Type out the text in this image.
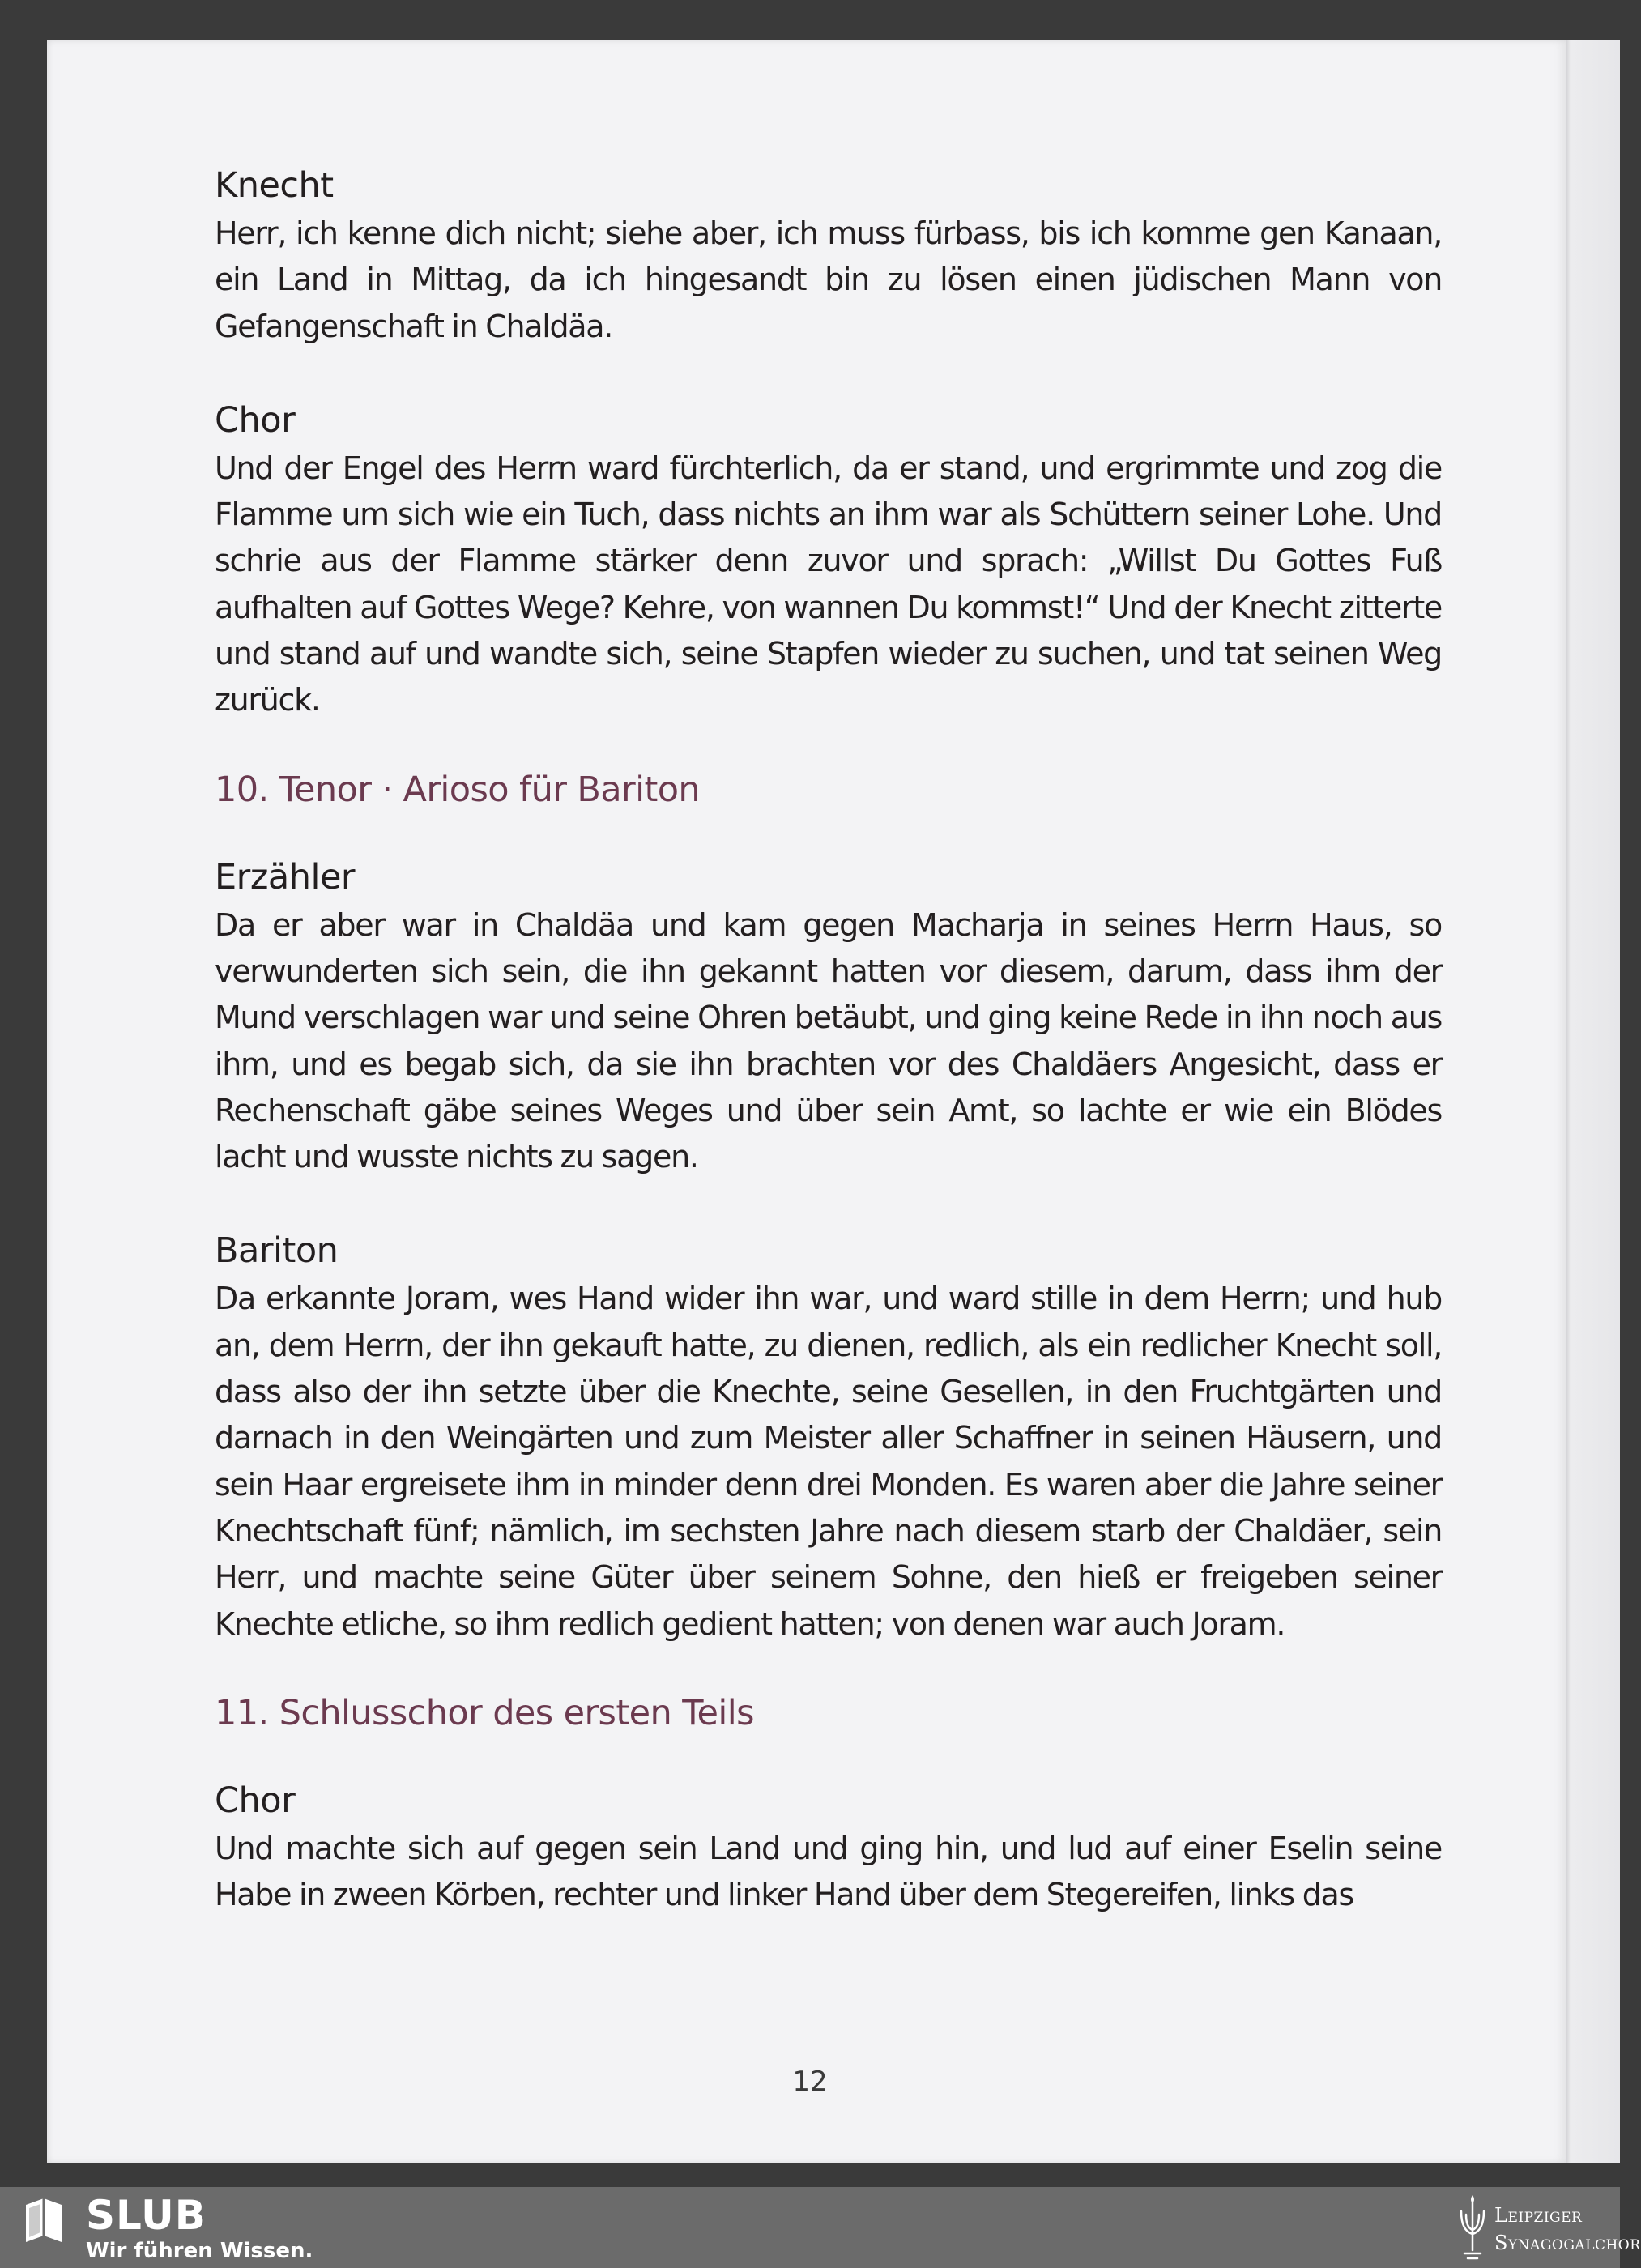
Knecht
Herr, ich kenne dich nicht; siehe aber, ich muss fürbass, bis ich komme gen Kanaan, ein Land in Mittag, da ich hingesandt bin zu lösen einen jüdischen Mann von Gefangenschaft in Chaldäa.
Chor
Und der Engel des Herrn ward fürchterlich, da er stand, und ergrimmte und zog die Flamme um sich wie ein Tuch, dass nichts an ihm war als Schüttern seiner Lohe. Und schrie aus der Flamme stärker denn zuvor und sprach: „Willst Du Gottes Fuß aufhalten auf Gottes Wege? Kehre, von wannen Du kommst!“ Und der Knecht zitterte und stand auf und wandte sich, seine Stapfen wieder zu suchen, und tat seinen Weg zurück.
10. Tenor · Arioso für Bariton
Erzähler
Da er aber war in Chaldäa und kam gegen Macharja in seines Herrn Haus, so verwunderten sich sein, die ihn gekannt hatten vor diesem, darum, dass ihm der Mund verschlagen war und seine Ohren betäubt, und ging keine Rede in ihn noch aus ihm, und es begab sich, da sie ihn brachten vor des Chaldäers Angesicht, dass er Rechenschaft gäbe seines Weges und über sein Amt, so lachte er wie ein Blödes lacht und wusste nichts zu sagen.
Bariton
Da erkannte Joram, wes Hand wider ihn war, und ward stille in dem Herrn; und hub an, dem Herrn, der ihn gekauft hatte, zu dienen, redlich, als ein redlicher Knecht soll, dass also der ihn setzte über die Knechte, seine Gesellen, in den Fruchtgärten und darnach in den Weingärten und zum Meister aller Schaffner in seinen Häusern, und sein Haar ergreisete ihm in minder denn drei Monden. Es waren aber die Jahre seiner Knechtschaft fünf; nämlich, im sechsten Jahre nach diesem starb der Chaldäer, sein Herr, und machte seine Güter über seinem Sohne, den hieß er freigeben seiner Knechte etliche, so ihm redlich gedient hatten; von denen war auch Joram.
11. Schlusschor des ersten Teils
Chor
Und machte sich auf gegen sein Land und ging hin, und lud auf einer Eselin seine Habe in zween Körben, rechter und linker Hand über dem Stegereifen, links das
12
SLUB
Wir führen Wissen.
Leipziger
Synagogalchor
